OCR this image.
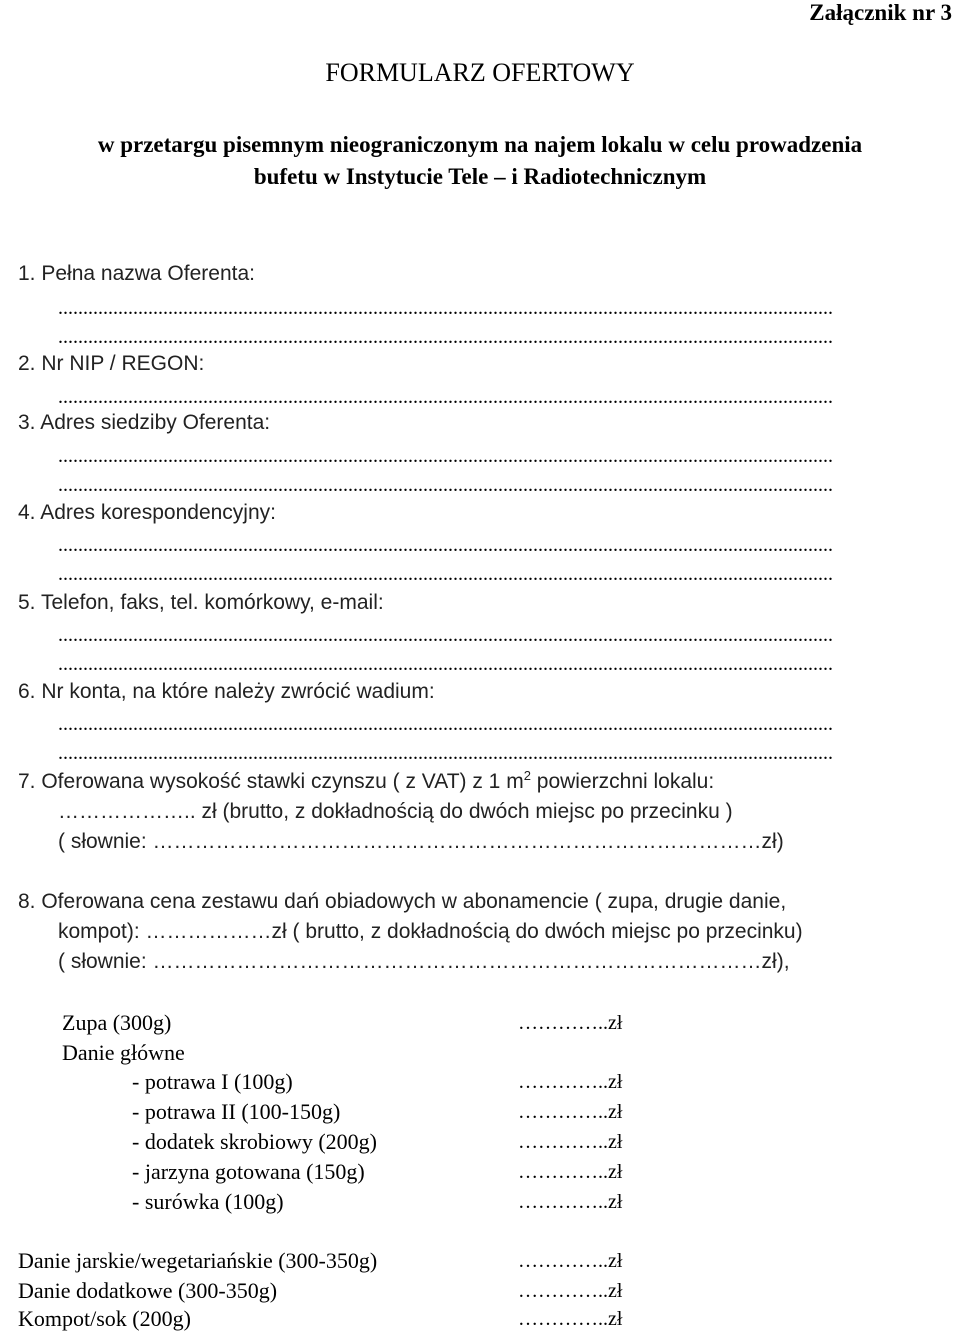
Załącznik nr 3
FORMULARZ OFERTOWY
w przetargu pisemnym nieograniczonym na najem lokalu w celu prowadzenia
bufetu w Instytucie Tele – i Radiotechnicznym
1. Pełna nazwa Oferenta:
...........................................................................................................................................................
...........................................................................................................................................................
2. Nr NIP / REGON:
...........................................................................................................................................................
3. Adres siedziby Oferenta:
...........................................................................................................................................................
...........................................................................................................................................................
4. Adres korespondencyjny:
...........................................................................................................................................................
...........................................................................................................................................................
5. Telefon, faks, tel. komórkowy, e-mail:
...........................................................................................................................................................
...........................................................................................................................................................
6. Nr konta, na które należy zwrócić wadium:
...........................................................................................................................................................
...........................................................................................................................................................
7. Oferowana wysokość stawki czynszu ( z VAT) z 1 $m^2$ powierzchni lokalu:
……………….. zł (brutto, z dokładnością do dwóch miejsc po przecinku )
( słownie: ……………………………………………………………………………zł)
8. Oferowana cena zestawu dań obiadowych w abonamencie ( zupa, drugie danie,
kompot): ………………zł ( brutto, z dokładnością do dwóch miejsc po przecinku)
( słownie: ……………………………………………………………………………zł),
Zupa (300g)	…………..zł
Danie główne
- potrawa I (100g)	…………..zł
- potrawa II (100-150g)	…………..zł
- dodatek skrobiowy (200g)	…………..zł
- jarzyna gotowana (150g)	…………..zł
- surówka (100g)	…………..zł
Danie jarskie/wegetariańskie (300-350g)	…………..zł
Danie dodatkowe (300-350g)	…………..zł
Kompot/sok (200g)	…………..zł
